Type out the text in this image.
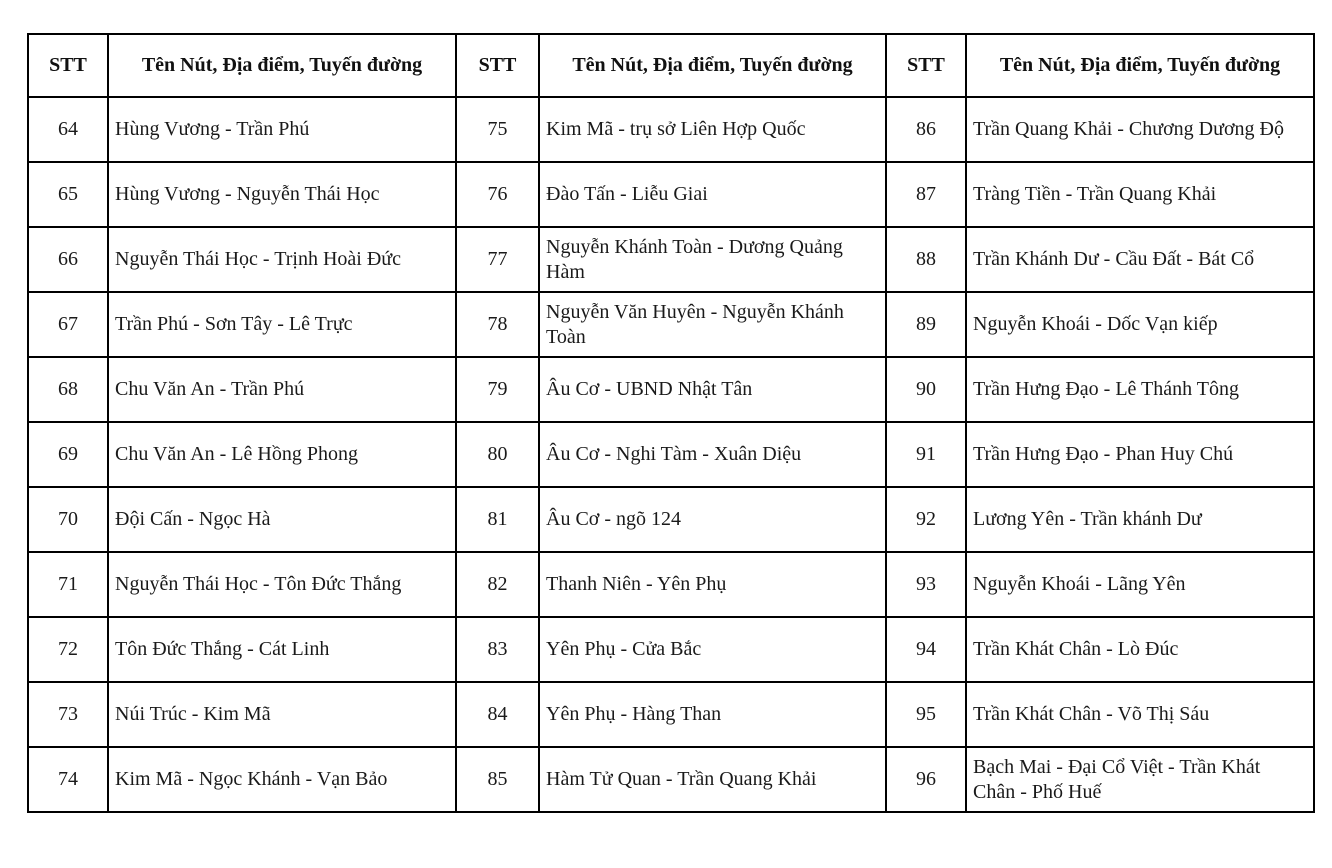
STT	Tên Nút, Địa điểm, Tuyến đường	STT	Tên Nút, Địa điểm, Tuyến đường	STT	Tên Nút, Địa điểm, Tuyến đường
64	Hùng Vương - Trần Phú	75	Kim Mã - trụ sở Liên Hợp Quốc	86	Trần Quang Khải - Chương Dương Độ
65	Hùng Vương - Nguyễn Thái Học	76	Đào Tấn - Liễu Giai	87	Tràng Tiền - Trần Quang Khải
66	Nguyễn Thái Học - Trịnh Hoài Đức	77	Nguyễn Khánh Toàn - Dương Quảng Hàm	88	Trần Khánh Dư - Cầu Đất - Bát Cổ
67	Trần Phú - Sơn Tây - Lê Trực	78	Nguyễn Văn Huyên - Nguyễn Khánh Toàn	89	Nguyễn Khoái - Dốc Vạn kiếp
68	Chu Văn An - Trần Phú	79	Âu Cơ - UBND Nhật Tân	90	Trần Hưng Đạo - Lê Thánh Tông
69	Chu Văn An - Lê Hồng Phong	80	Âu Cơ - Nghi Tàm - Xuân Diệu	91	Trần Hưng Đạo - Phan Huy Chú
70	Đội Cấn - Ngọc Hà	81	Âu Cơ - ngõ 124	92	Lương Yên - Trần khánh Dư
71	Nguyễn Thái Học - Tôn Đức Thắng	82	Thanh Niên - Yên Phụ	93	Nguyễn Khoái - Lãng Yên
72	Tôn Đức Thắng - Cát Linh	83	Yên Phụ - Cửa Bắc	94	Trần Khát Chân - Lò Đúc
73	Núi Trúc - Kim Mã	84	Yên Phụ - Hàng Than	95	Trần Khát Chân - Võ Thị Sáu
74	Kim Mã - Ngọc Khánh - Vạn Bảo	85	Hàm Tử Quan - Trần Quang Khải	96	Bạch Mai - Đại Cổ Việt - Trần Khát Chân - Phố Huế
